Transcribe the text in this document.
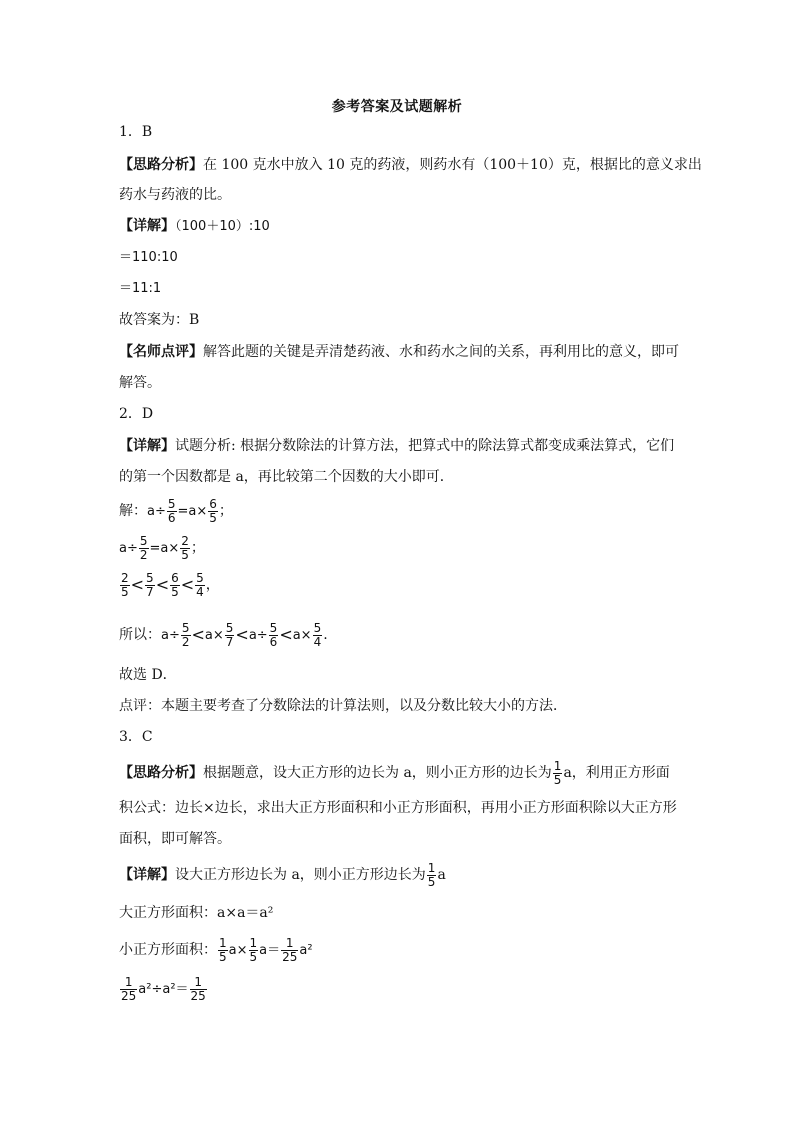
参考答案及试题解析
1．B
【思路分析】在 100 克水中放入 10 克的药液，则药水有（100＋10）克，根据比的意义求出
药水与药液的比。
【详解】（100＋10）:10
＝110:10
＝11:1
故答案为：B
【名师点评】解答此题的关键是弄清楚药液、水和药水之间的关系，再利用比的意义，即可
解答。
2．D
【详解】试题分析: 根据分数除法的计算方法，把算式中的除法算式都变成乘法算式，它们
的第一个因数都是 a，再比较第二个因数的大小即可．
解：$a\div \frac{5}{6} =a\times \frac{6}{5}$ ；
$a\div \frac{5}{2} =a\times \frac{2}{5}$ ；
$\frac{2}{5} < \frac{5}{7} < \frac{6}{5} < \frac{5}{4}$ ，
所以：$a\div \frac{5}{2} <a\times \frac{5}{7} <a\div \frac{5}{6} <a\times \frac{5}{4}$ .
故选 D．
点评：本题主要考查了分数除法的计算法则，以及分数比较大小的方法．
3．C
【思路分析】根据题意，设大正方形的边长为 a，则小正方形的边长为 $\frac{1}{5}$ a，利用正方形面
积公式：边长×边长，求出大正方形面积和小正方形面积，再用小正方形面积除以大正方形
面积，即可解答。
【详解】设大正方形边长为 a，则小正方形边长为 $\frac{1}{5}$ a
大正方形面积：a×a＝a²
小正方形面积： $\frac{1}{5} a\times \frac{1}{5} a= \frac{1}{25} a^2$
$\frac{1}{25} a^2\div a^2= \frac{1}{25}$
